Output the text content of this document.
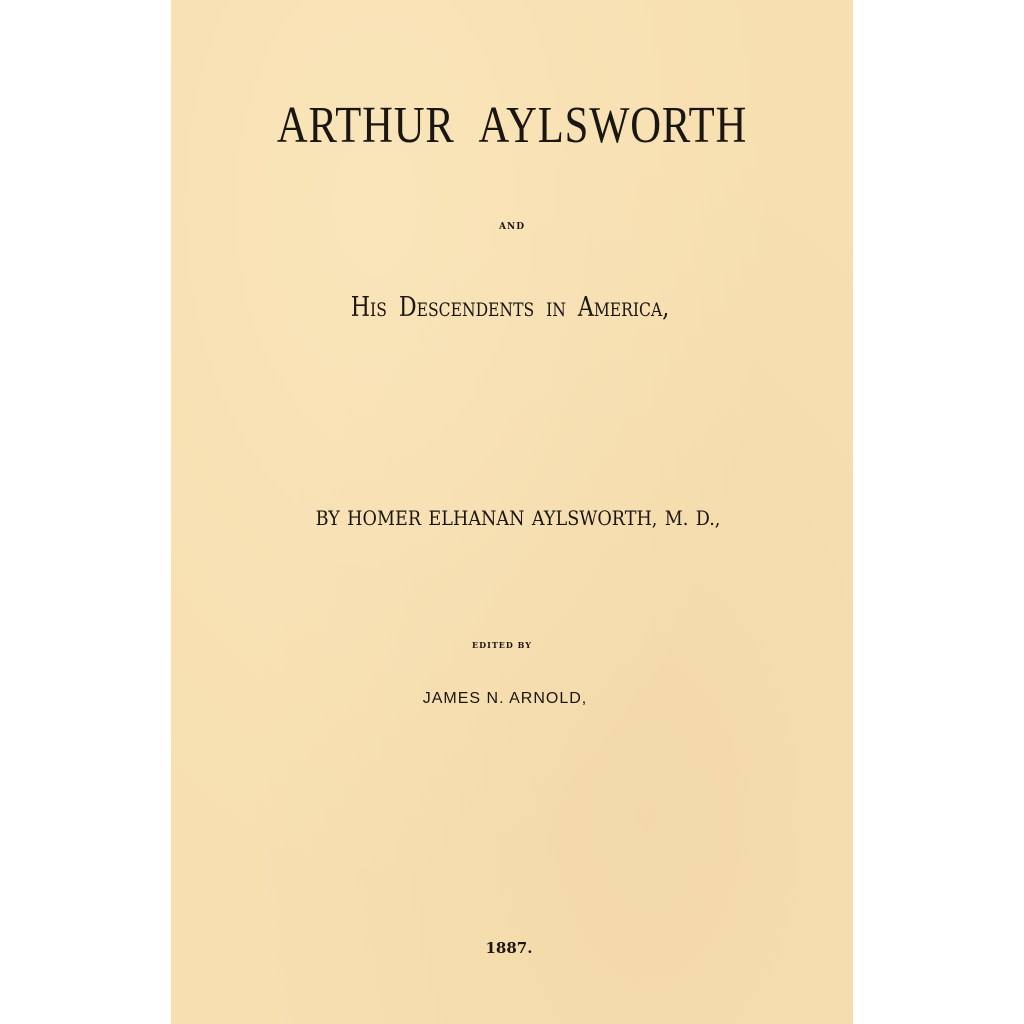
ARTHUR AYLSWORTH
AND
His Descendents in America,
BY HOMER ELHANAN AYLSWORTH, M. D.,
EDITED BY
JAMES N. ARNOLD,
1887.
